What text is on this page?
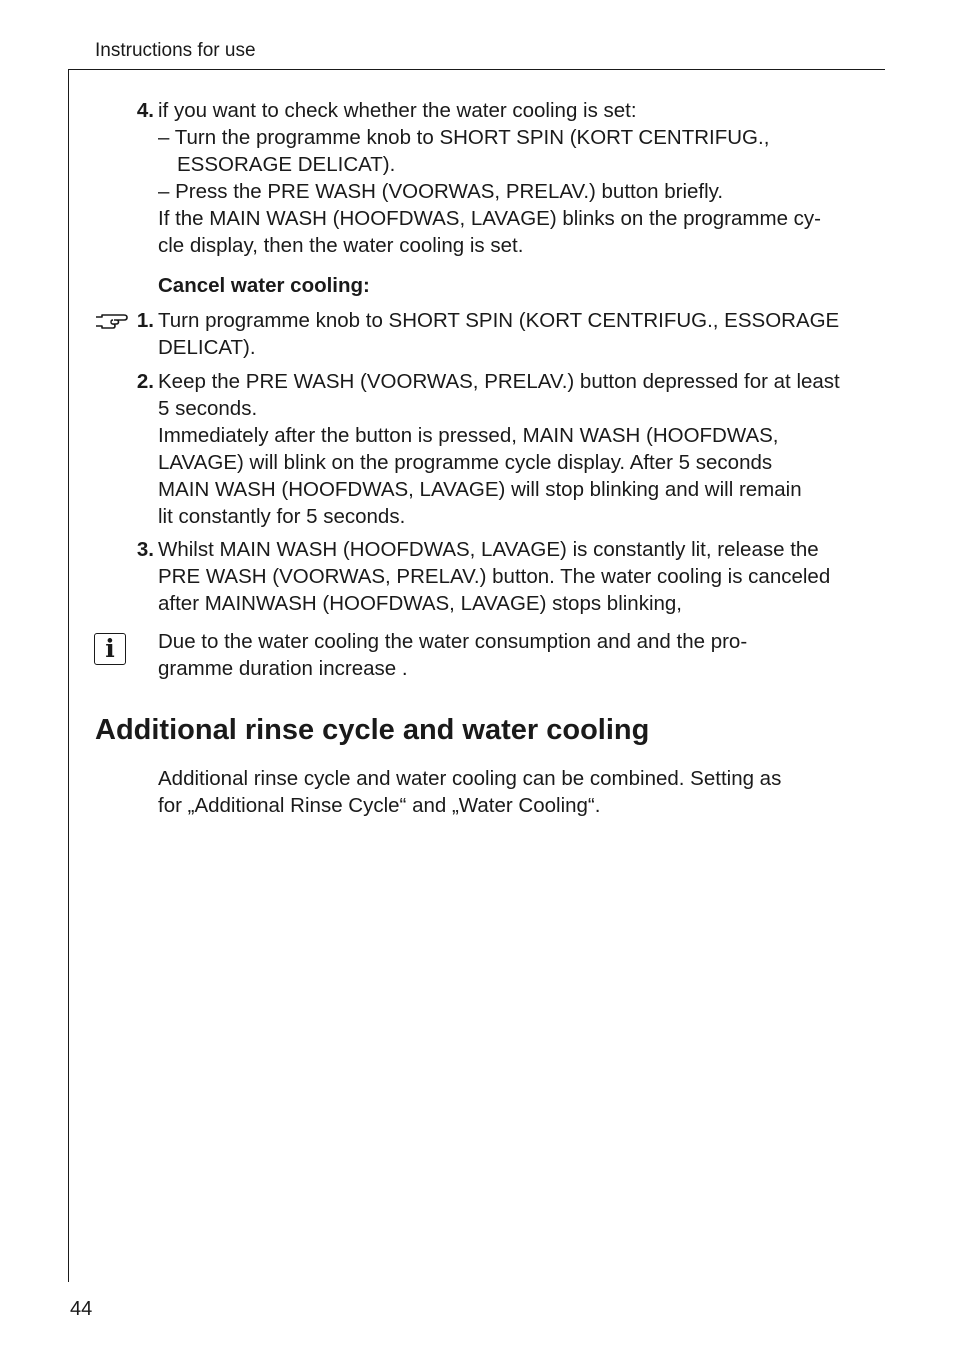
Instructions for use
4. if you want to check whether the water cooling is set:
– Turn the programme knob to SHORT SPIN (KORT CENTRIFUG.,
ESSORAGE DELICAT).
– Press the PRE WASH (VOORWAS, PRELAV.) button briefly.
If the MAIN WASH (HOOFDWAS, LAVAGE) blinks on the programme cy-
cle display, then the water cooling is set.
Cancel water cooling:
1. Turn programme knob to SHORT SPIN (KORT CENTRIFUG., ESSORAGE
DELICAT).
2. Keep the PRE WASH (VOORWAS, PRELAV.) button depressed for at least
5 seconds.
Immediately after the button is pressed, MAIN WASH (HOOFDWAS,
LAVAGE) will blink on the programme cycle display. After 5 seconds
MAIN WASH (HOOFDWAS, LAVAGE) will stop blinking and will remain
lit constantly for 5 seconds.
3. Whilst MAIN WASH (HOOFDWAS, LAVAGE) is constantly lit, release the
PRE WASH (VOORWAS, PRELAV.) button. The water cooling is canceled
after MAINWASH (HOOFDWAS, LAVAGE) stops blinking,
i	Due to the water cooling the water consumption and and the pro-
gramme duration increase .
Additional rinse cycle and water cooling
Additional rinse cycle and water cooling can be combined. Setting as
for „Additional Rinse Cycle“ and „Water Cooling“.
44
